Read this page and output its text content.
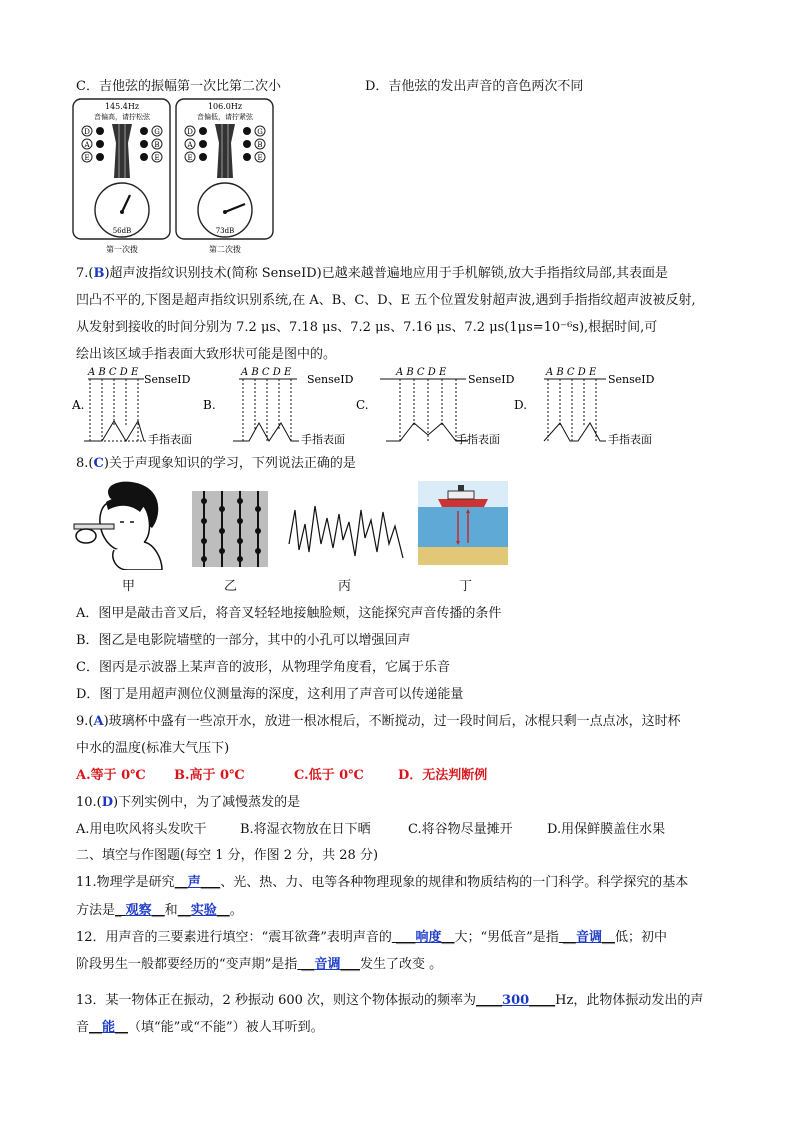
C．吉他弦的振幅第一次比第二次小	D．吉他弦的发出声音的音色两次不同
145.4Hz
音偏高，请拧松弦
D
A
E
G
B
E
56dB
第一次拨
106.0Hz
音偏低，请拧紧弦
D
A
E
G
B
E
73dB
第二次拨
7.(B)超声波指纹识别技术(简称 SenseID)已越来越普遍地应用于手机解锁,放大手指指纹局部,其表面是
凹凸不平的,下图是超声指纹识别系统,在 A、B、C、D、E 五个位置发射超声波,遇到手指指纹超声波被反射,
从发射到接收的时间分别为 7.2 μs、7.18 μs、7.2 μs、7.16 μs、7.2 μs(1μs=10⁻⁶s),根据时间,可
绘出该区域手指表面大致形状可能是图中的。
A.
A B C D E
SenseID
手指表面
B.
A B C D E
SenseID
手指表面
C.
A B C D E
SenseID
手指表面
D.
A B C D E
SenseID
手指表面
8.(C)关于声现象知识的学习，下列说法正确的是
甲	乙	丙	丁
A．图甲是敲击音叉后，将音叉轻轻地接触脸颊，这能探究声音传播的条件
B．图乙是电影院墙壁的一部分，其中的小孔可以增强回声
C．图丙是示波器上某声音的波形，从物理学角度看，它属于乐音
D．图丁是用超声测位仪测量海的深度，这利用了声音可以传递能量
9.(A)玻璃杯中盛有一些凉开水，放进一根冰棍后，不断搅动，过一段时间后，冰棍只剩一点点冰，这时杯
中水的温度(标准大气压下)
A.等于 0℃ B.高于 0℃	C.低于 0℃	D．无法判断例
10.(D)下列实例中，为了减慢蒸发的是
A.用电吹风将头发吹干	B.将湿衣物放在日下晒	C.将谷物尽量摊开	D.用保鲜膜盖住水果
二、填空与作图题(每空 1 分，作图 2 分，共 28 分)
11.物理学是研究__声___、光、热、力、电等各种物理现象的规律和物质结构的一门科学。科学探究的基本
方法是_ 观察__和__实验__。
12．用声音的三要素进行填空：“震耳欲聋”表明声音的 ___响度__大；“男低音”是指 __音调__低；初中
阶段男生一般都要经历的“变声期”是指 __音调___发生了改变 。
13．某一物体正在振动，2 秒振动 600 次，则这个物体振动的频率为____300____Hz，此物体振动发出的声
音__能__（填“能”或“不能”）被人耳听到。
